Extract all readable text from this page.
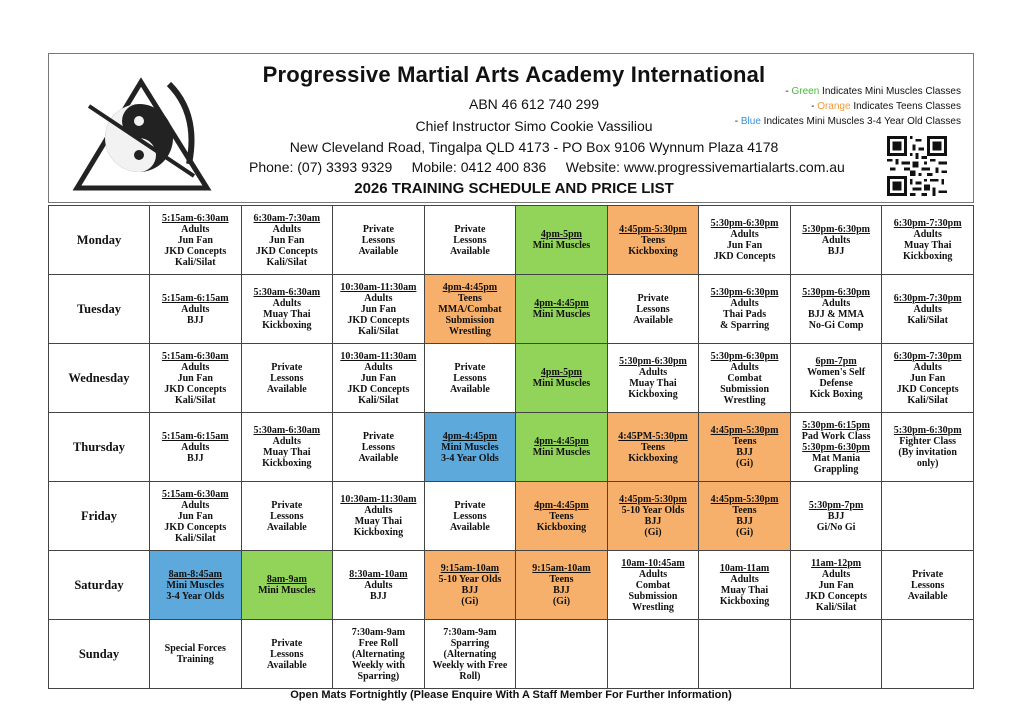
Progressive Martial Arts Academy International
ABN 46 612 740 299
Chief Instructor Simo Cookie Vassiliou
New Cleveland Road, Tingalpa QLD 4173 - PO Box 9106 Wynnum Plaza 4178
Phone: (07) 3393 9329     Mobile: 0412 400 836     Website: www.progressivemartialarts.com.au
2026 TRAINING SCHEDULE AND PRICE LIST
- Green Indicates Mini Muscles Classes
- Orange Indicates Teens Classes
- Blue Indicates Mini Muscles 3-4 Year Old Classes
Monday	5:15am-6:30am
Adults
Jun Fan
JKD Concepts
Kali/Silat	6:30am-7:30am
Adults
Jun Fan
JKD Concepts
Kali/Silat	Private
Lessons
Available	Private
Lessons
Available	4pm-5pm
Mini Muscles	4:45pm-5:30pm
Teens
Kickboxing	5:30pm-6:30pm
Adults
Jun Fan
JKD Concepts	5:30pm-6:30pm
Adults
BJJ	6:30pm-7:30pm
Adults
Muay Thai
Kickboxing

Tuesday	5:15am-6:15am
Adults
BJJ	5:30am-6:30am
Adults
Muay Thai
Kickboxing	10:30am-11:30am
Adults
Jun Fan
JKD Concepts
Kali/Silat	4pm-4:45pm
Teens
MMA/Combat
Submission
Wrestling	4pm-4:45pm
Mini Muscles	Private
Lessons
Available	5:30pm-6:30pm
Adults
Thai Pads
& Sparring	5:30pm-6:30pm
Adults
BJJ & MMA
No-Gi Comp	6:30pm-7:30pm
Adults
Kali/Silat

Wednesday	5:15am-6:30am
Adults
Jun Fan
JKD Concepts
Kali/Silat	Private
Lessons
Available	10:30am-11:30am
Adults
Jun Fan
JKD Concepts
Kali/Silat	Private
Lessons
Available	4pm-5pm
Mini Muscles	5:30pm-6:30pm
Adults
Muay Thai
Kickboxing	5:30pm-6:30pm
Adults
Combat
Submission
Wrestling	6pm-7pm
Women's Self
Defense
Kick Boxing	6:30pm-7:30pm
Adults
Jun Fan
JKD Concepts
Kali/Silat

Thursday	5:15am-6:15am
Adults
BJJ	5:30am-6:30am
Adults
Muay Thai
Kickboxing	Private
Lessons
Available	4pm-4:45pm
Mini Muscles
3-4 Year Olds	4pm-4:45pm
Mini Muscles	4:45PM-5:30pm
Teens
Kickboxing	4:45pm-5:30pm
Teens
BJJ
(Gi)	5:30pm-6:15pm
Pad Work Class
5:30pm-6:30pm
Mat Mania
Grappling	5:30pm-6:30pm
Fighter Class
(By invitation
only)

Friday	5:15am-6:30am
Adults
Jun Fan
JKD Concepts
Kali/Silat	Private
Lessons
Available	10:30am-11:30am
Adults
Muay Thai
Kickboxing	Private
Lessons
Available	4pm-4:45pm
Teens
Kickboxing	4:45pm-5:30pm
5-10 Year Olds
BJJ
(Gi)	4:45pm-5:30pm
Teens
BJJ
(Gi)	5:30pm-7pm
BJJ
Gi/No Gi	

Saturday	8am-8:45am
Mini Muscles
3-4 Year Olds	8am-9am
Mini Muscles	8:30am-10am
Adults
BJJ	9:15am-10am
5-10 Year Olds
BJJ
(Gi)	9:15am-10am
Teens
BJJ
(Gi)	10am-10:45am
Adults
Combat
Submission
Wrestling	10am-11am
Adults
Muay Thai
Kickboxing	11am-12pm
Adults
Jun Fan
JKD Concepts
Kali/Silat	Private
Lessons
Available

Sunday	Special Forces
Training	Private
Lessons
Available	7:30am-9am
Free Roll
(Alternating
Weekly with
Sparring)	7:30am-9am
Sparring
(Alternating
Weekly with Free
Roll)					

Open Mats Fortnightly (Please Enquire With A Staff Member For Further Information)
